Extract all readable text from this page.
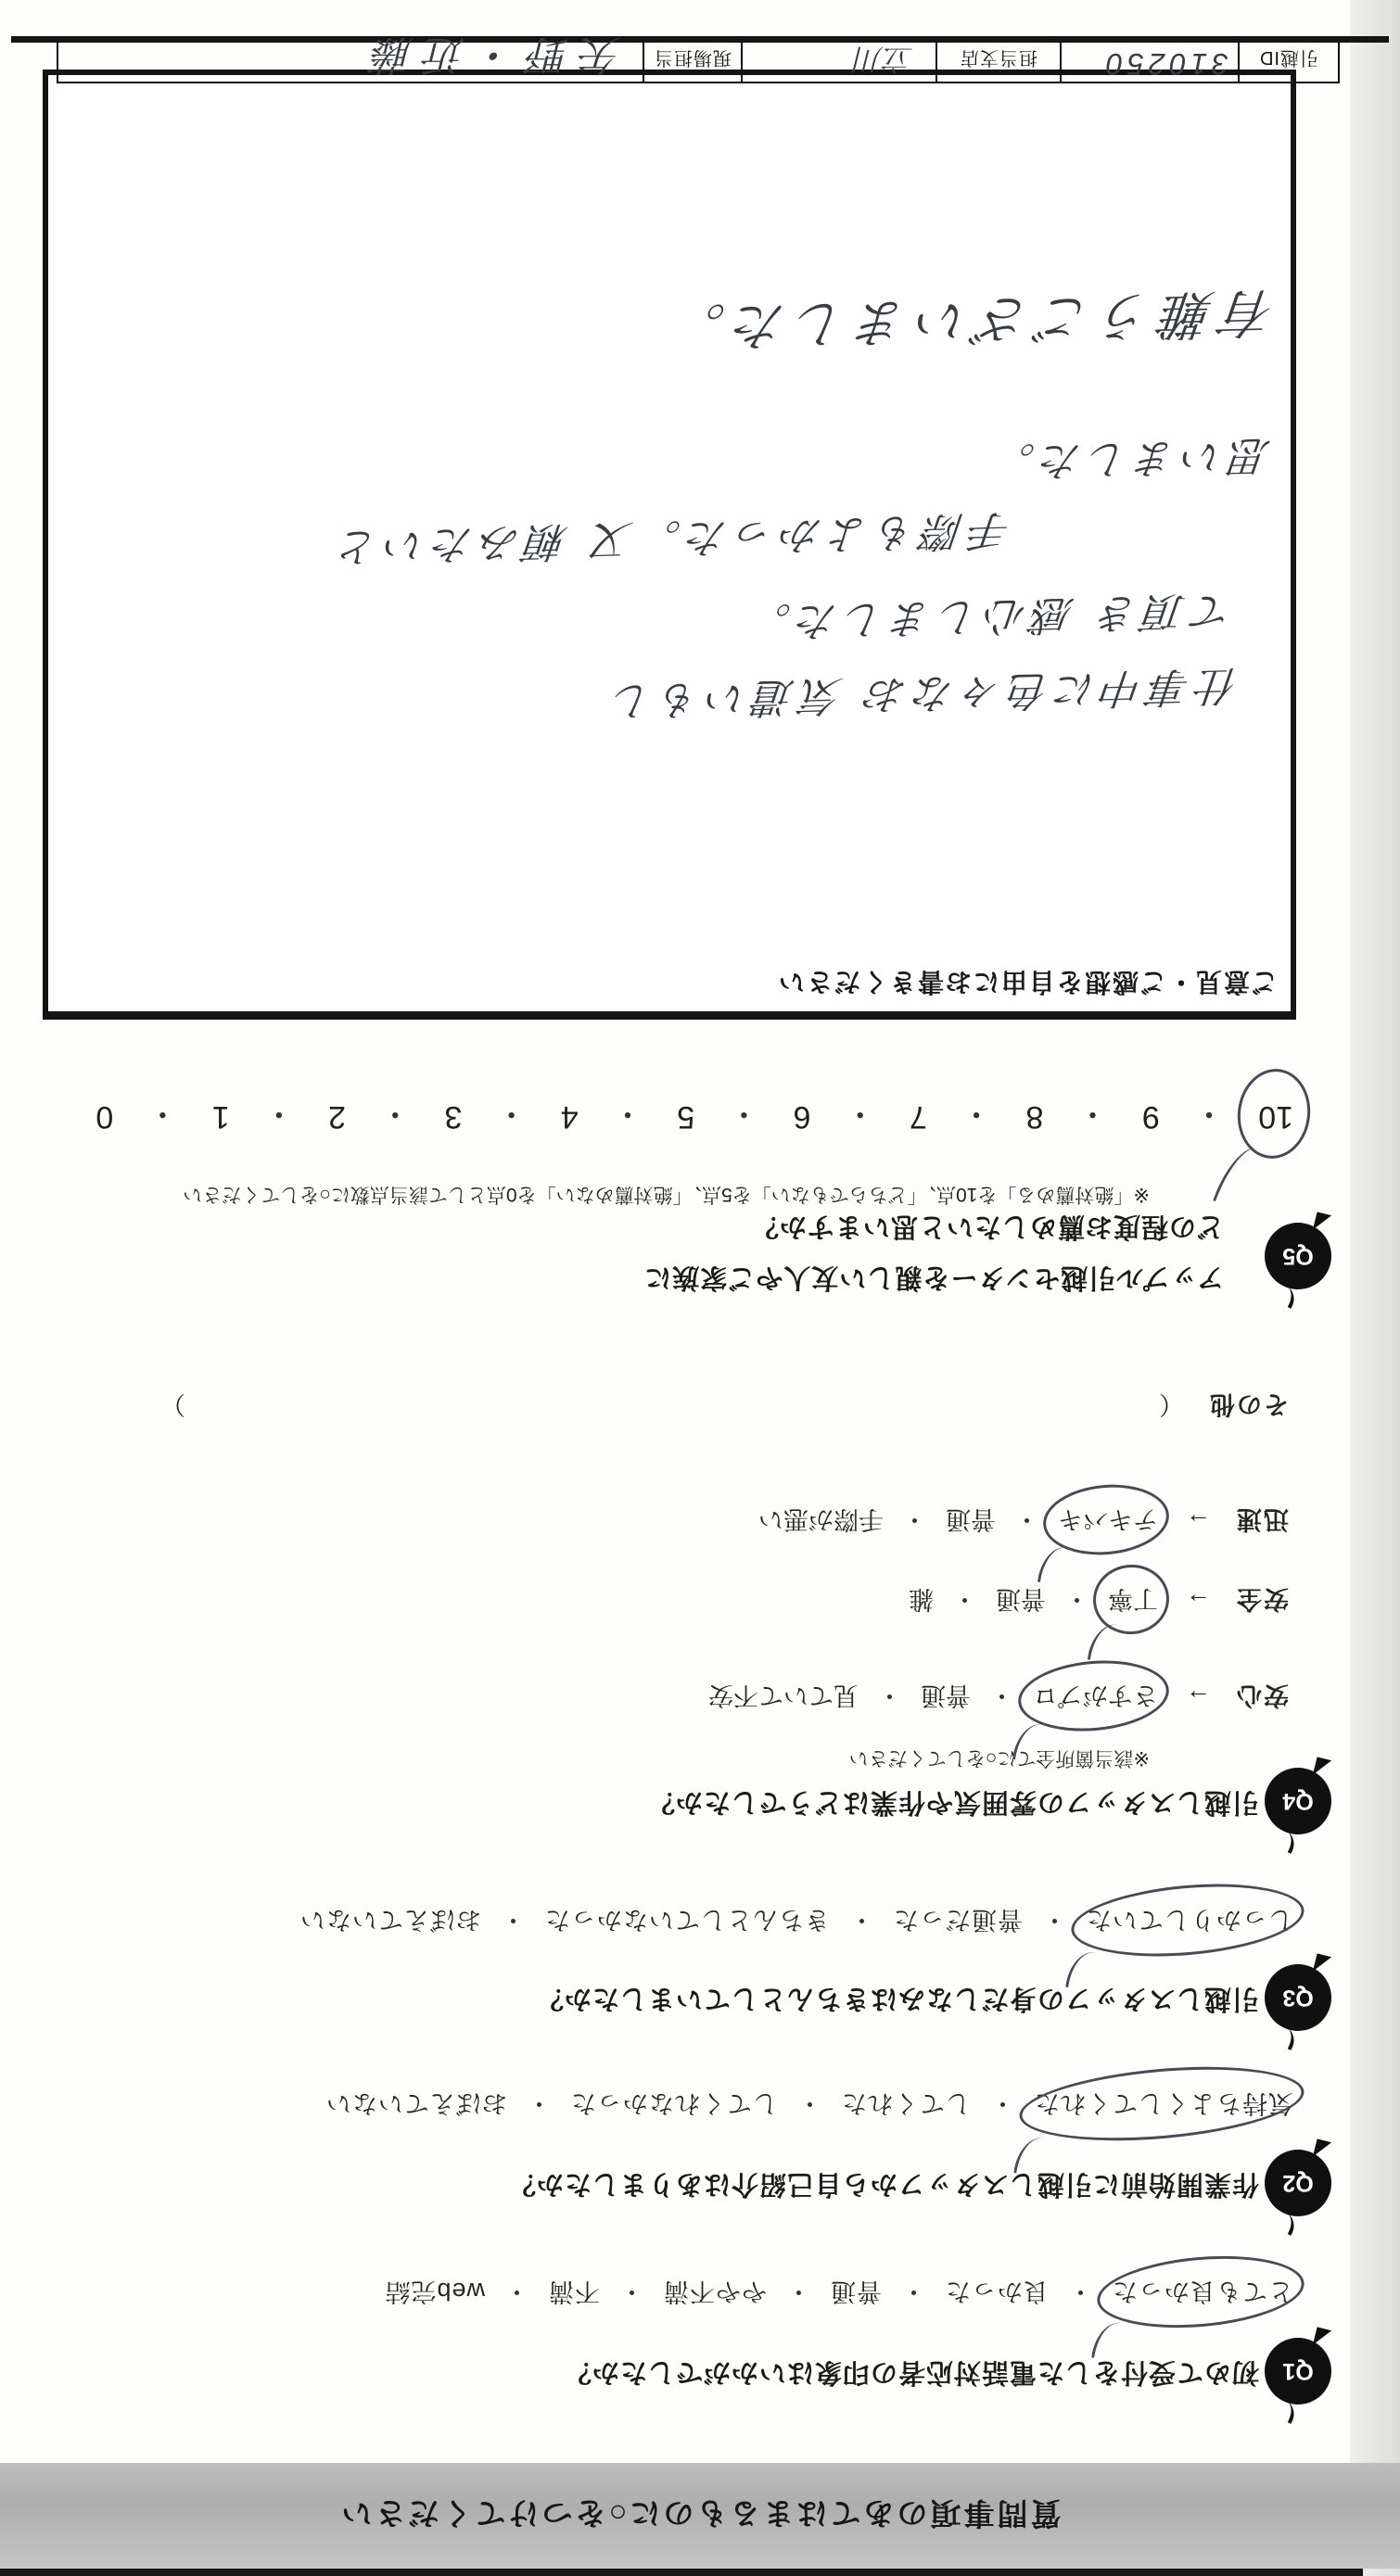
質問事項のあてはまるものに○をつけてください
Q1
初めて受付をした電話対応者の印象はいかがでしたか？
とても良かった
・
良かった
・
普通
・
やや不満
・
不満
・
web完結
Q2
作業開始前に引越しスタッフから自己紹介はありましたか？
気持ちよくしてくれた
・
してくれた
・
してくれなかった
・
おぼえていない
Q3
引越しスタッフの身だしなみはきちんとしていましたか？
しっかりしていた
・
普通だった
・
きちんとしていなかった
・
おぼえていない
Q4
引越しスタッフの雰囲気や作業はどうでしたか？
※該当箇所全てに○をしてください
安心
→
さすがプロ
・
普通
・
見ていて不安
安全
→
丁寧
・
普通
・
雑
迅速
→
テキパキ
・
普通
・
手際が悪い
その他
（
）
Q5
アップル引越センターを親しい友人やご家族に
どの程度お薦めしたいと思いますか？
※「絶対薦める」を10点、「どちらでもない」を5点、「絶対薦めない」を0点として該当点数に○をしてください
10
・
9
・
8
・
7
・
6
・
5
・
4
・
3
・
2
・
1
・
0
ご意見・ご感想を自由にお書きください
仕事中に色々なお 気遣いもし
て頂き 感心しました。
手際もよかった。又 頼みたいと
思いました。
有難うございました。
引越ID
担当支店
現場担当	310250
立川
矢野・近藤
